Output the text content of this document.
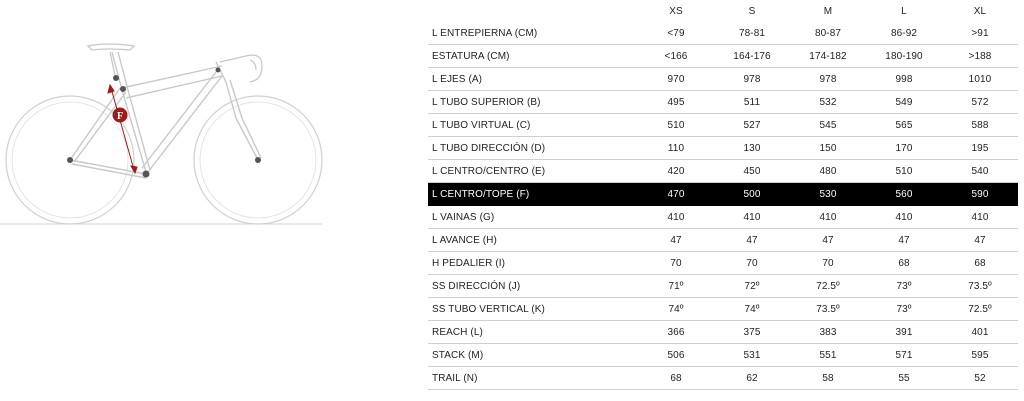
F
	XS	S	M	L	XL
L ENTREPIERNA (CM)	<79	78-81	80-87	86-92	>91
ESTATURA (CM)	<166	164-176	174-182	180-190	>188
L EJES (A)	970	978	978	998	1010
L TUBO SUPERIOR (B)	495	511	532	549	572
L TUBO VIRTUAL (C)	510	527	545	565	588
L TUBO DIRECCIÓN (D)	110	130	150	170	195
L CENTRO/CENTRO (E)	420	450	480	510	540
L CENTRO/TOPE (F)	470	500	530	560	590
L VAINAS (G)	410	410	410	410	410
L AVANCE (H)	47	47	47	47	47
H PEDALIER (I)	70	70	70	68	68
SS DIRECCIÓN (J)	71º	72º	72.5º	73º	73.5º
SS TUBO VERTICAL (K)	74º	74º	73.5º	73º	72.5º
REACH (L)	366	375	383	391	401
STACK (M)	506	531	551	571	595
TRAIL (N)	68	62	58	55	52
